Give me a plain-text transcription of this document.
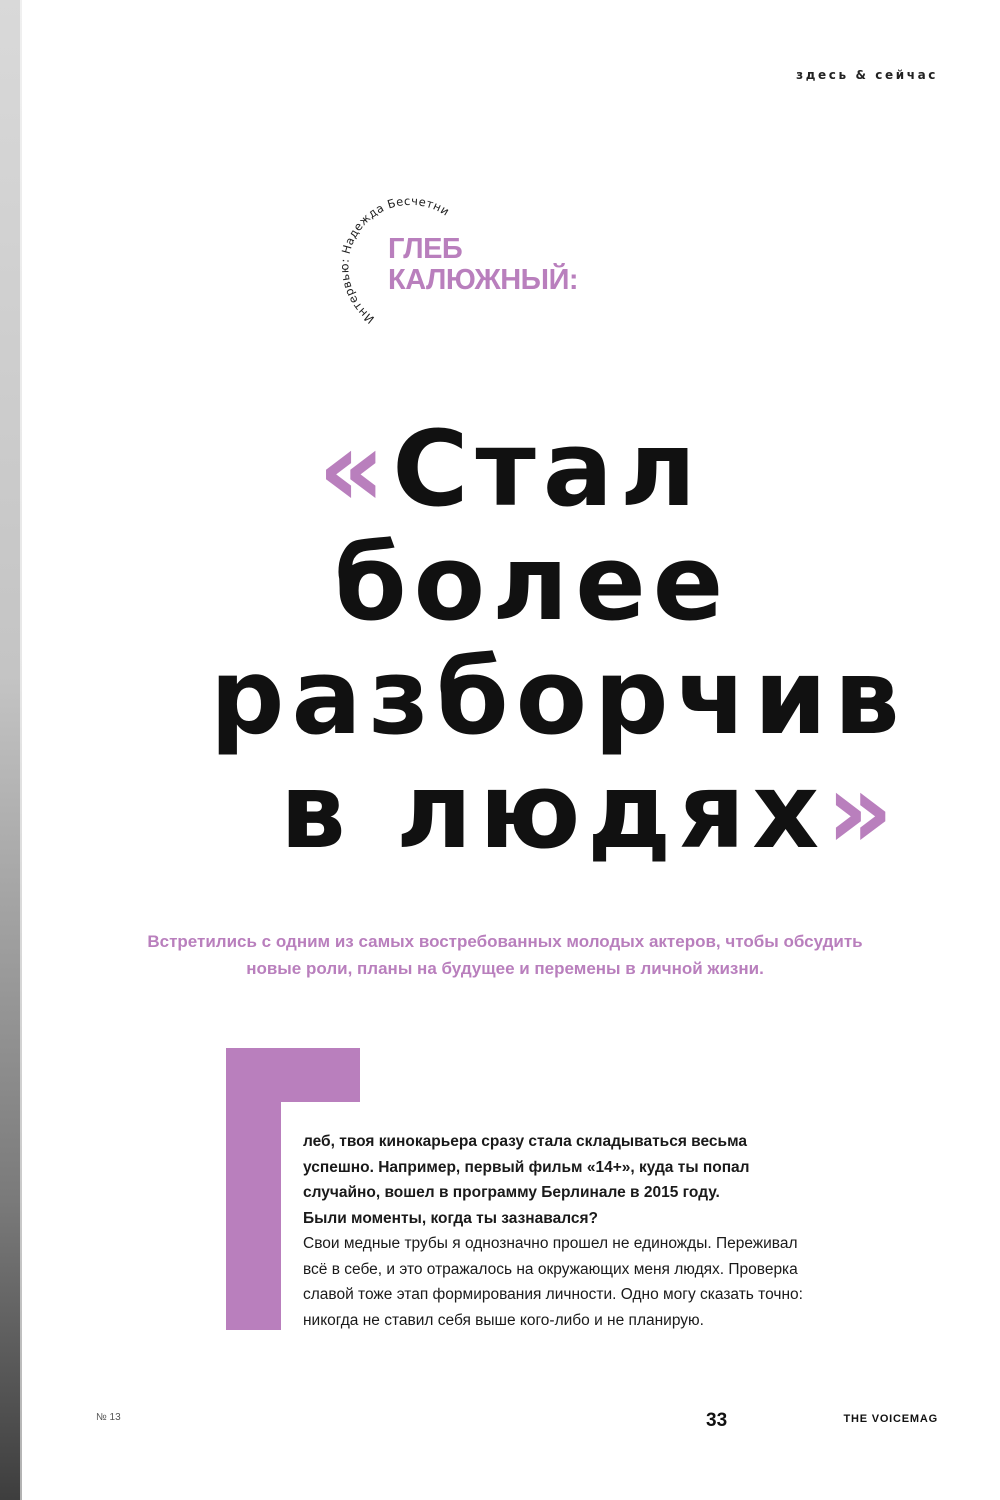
здесь & сейчас
Интервью: Надежда Бесчетникова
ГЛЕБ
КАЛЮЖНЫЙ:
«Стал
более
разборчив
в людях»
Встретились с одним из самых востребованных молодых актеров, чтобы обсудить новые роли, планы на будущее и перемены в личной жизни.
леб, твоя кинокарьера сразу стала складываться весьма
успешно. Например, первый фильм «14+», куда ты попал
случайно, вошел в программу Берлинале в 2015 году.
Были моменты, когда ты зазнавался?
Свои медные трубы я однозначно прошел не единожды. Переживал
всё в себе, и это отражалось на окружающих меня людях. Проверка
славой тоже этап формирования личности. Одно могу сказать точно:
никогда не ставил себя выше кого-либо и не планирую.
№ 13	33	THE VOICEMAG
